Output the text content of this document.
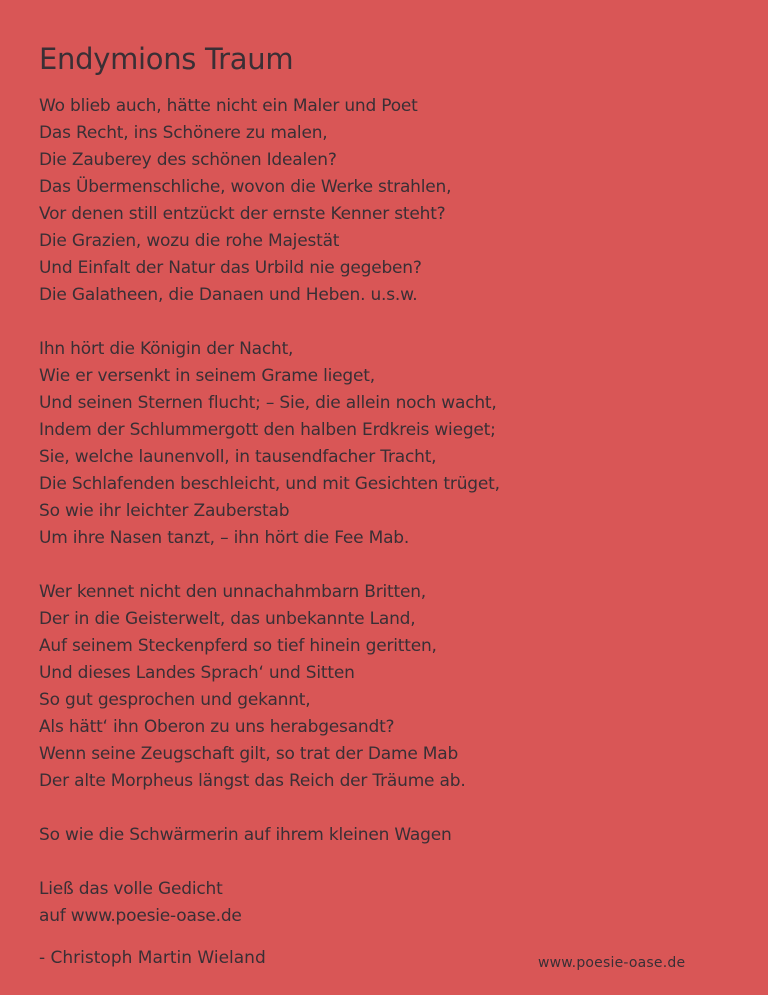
Endymions Traum
Wo blieb auch, hätte nicht ein Maler und Poet
Das Recht, ins Schönere zu malen,
Die Zauberey des schönen Idealen?
Das Übermenschliche, wovon die Werke strahlen,
Vor denen still entzückt der ernste Kenner steht?
Die Grazien, wozu die rohe Majestät
Und Einfalt der Natur das Urbild nie gegeben?
Die Galatheen, die Danaen und Heben. u.s.w.
Ihn hört die Königin der Nacht,
Wie er versenkt in seinem Grame lieget,
Und seinen Sternen flucht; – Sie, die allein noch wacht,
Indem der Schlummergott den halben Erdkreis wieget;
Sie, welche launenvoll, in tausendfacher Tracht,
Die Schlafenden beschleicht, und mit Gesichten trüget,
So wie ihr leichter Zauberstab
Um ihre Nasen tanzt, – ihn hört die Fee Mab.
Wer kennet nicht den unnachahmbarn Britten,
Der in die Geisterwelt, das unbekannte Land,
Auf seinem Steckenpferd so tief hinein geritten,
Und dieses Landes Sprach‘ und Sitten
So gut gesprochen und gekannt,
Als hätt‘ ihn Oberon zu uns herabgesandt?
Wenn seine Zeugschaft gilt, so trat der Dame Mab
Der alte Morpheus längst das Reich der Träume ab.
So wie die Schwärmerin auf ihrem kleinen Wagen
Ließ das volle Gedicht
auf www.poesie-oase.de
- Christoph Martin Wieland	www.poesie-oase.de
